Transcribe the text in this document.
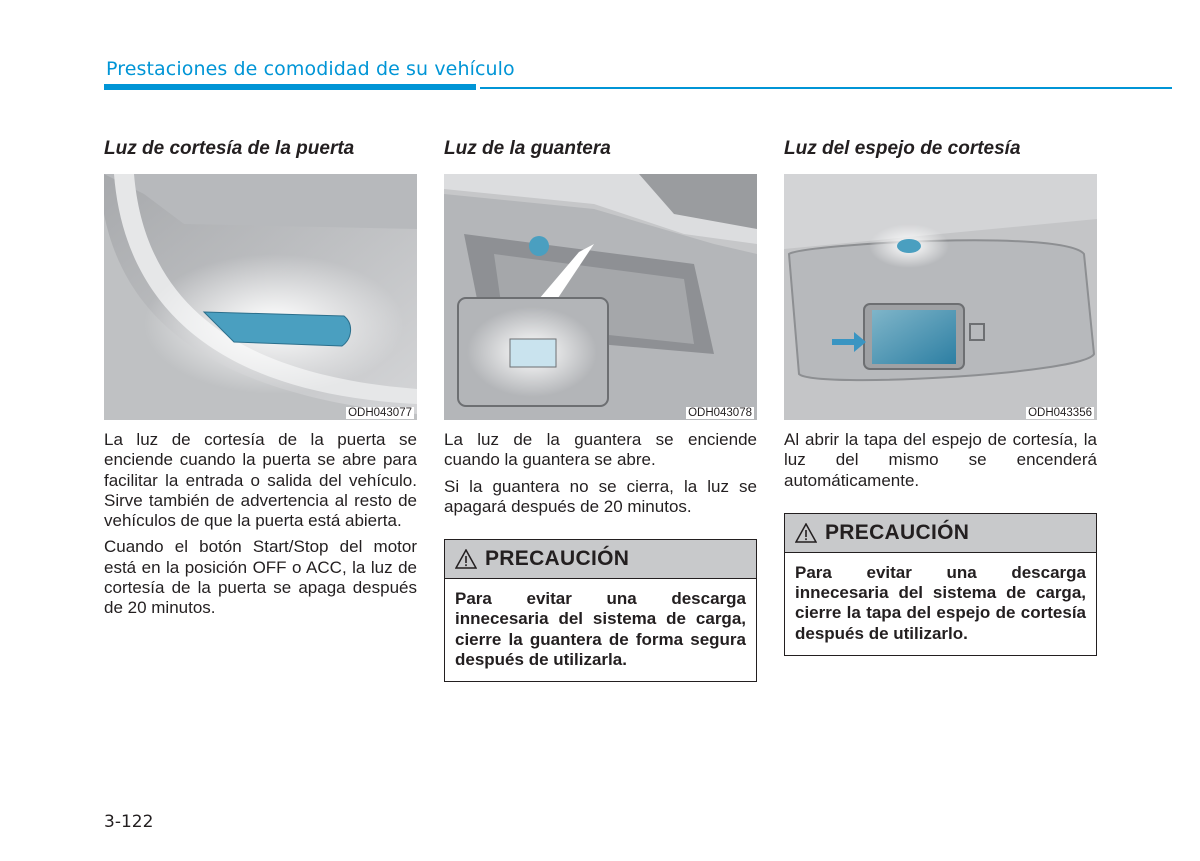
Prestaciones de comodidad de su vehículo
Luz de cortesía de la puerta
ODH043077

La luz de cortesía de la puerta se enciende cuando la puerta se abre para facilitar la entrada o salida del vehículo. Sirve también de advertencia al resto de vehículos de que la puerta está abierta.

Cuando el botón Start/Stop del motor está en la posición OFF o ACC, la luz de cortesía de la puerta se apaga después de 20 minutos.

Luz de la guantera
ODH043078

La luz de la guantera se enciende cuando la guantera se abre.

Si la guantera no se cierra, la luz se apagará después de 20 minutos.

PRECAUCIÓN
Para evitar una descarga innecesaria del sistema de carga, cierre la guantera de forma segura después de utilizarla.
Luz del espejo de cortesía
ODH043356

Al abrir la tapa del espejo de cortesía, la luz del mismo se encenderá automáticamente.

PRECAUCIÓN
Para evitar una descarga innecesaria del sistema de carga, cierre la tapa del espejo de cortesía después de utilizarlo.
3-122
